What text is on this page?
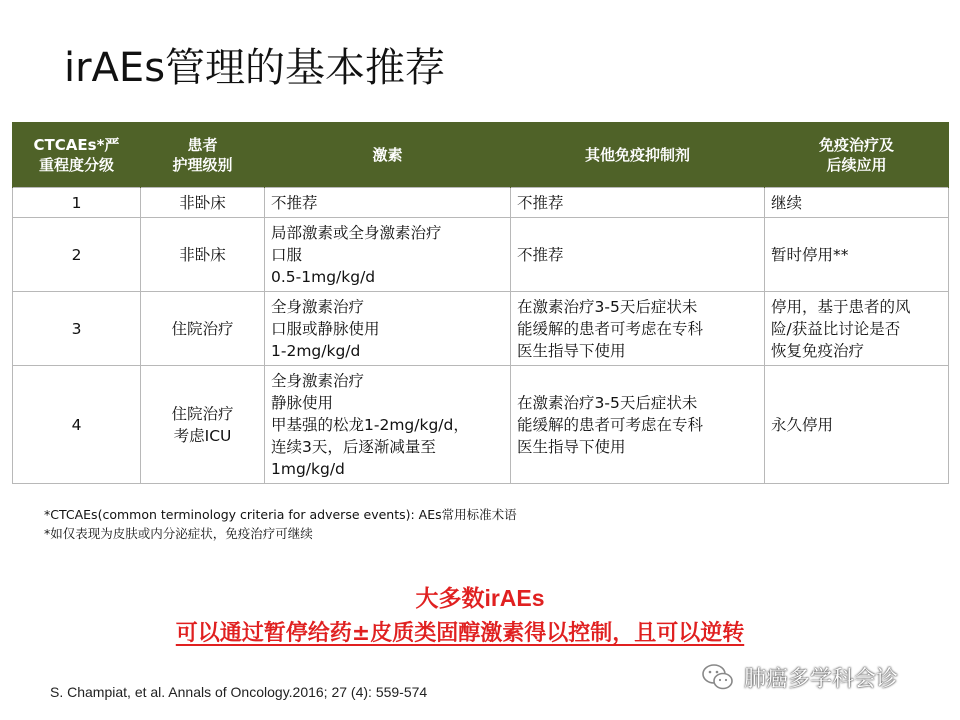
irAEs管理的基本推荐
CTCAEs*严
重程度分级	患者
护理级别	激素	其他免疫抑制剂	免疫治疗及
后续应用

1	非卧床	不推荐	不推荐	继续
2	非卧床	局部激素或全身激素治疗
口服
0.5-1mg/kg/d	不推荐	暂时停用**
3	住院治疗	全身激素治疗
口服或静脉使用
1-2mg/kg/d	在激素治疗3-5天后症状未
能缓解的患者可考虑在专科
医生指导下使用	停用，基于患者的风
险/获益比讨论是否
恢复免疫治疗
4	住院治疗
考虑ICU	全身激素治疗
静脉使用
甲基强的松龙1-2mg/kg/d，
连续3天，后逐渐减量至
1mg/kg/d	在激素治疗3-5天后症状未
能缓解的患者可考虑在专科
医生指导下使用	永久停用
*CTCAEs(common terminology criteria for adverse events): AEs常用标准术语
*如仅表现为皮肤或内分泌症状，免疫治疗可继续
大多数irAEs
可以通过暂停给药±皮质类固醇激素得以控制，且可以逆转
S. Champiat, et al. Annals of Oncology.2016; 27 (4): 559-574
肺癌多学科会诊
